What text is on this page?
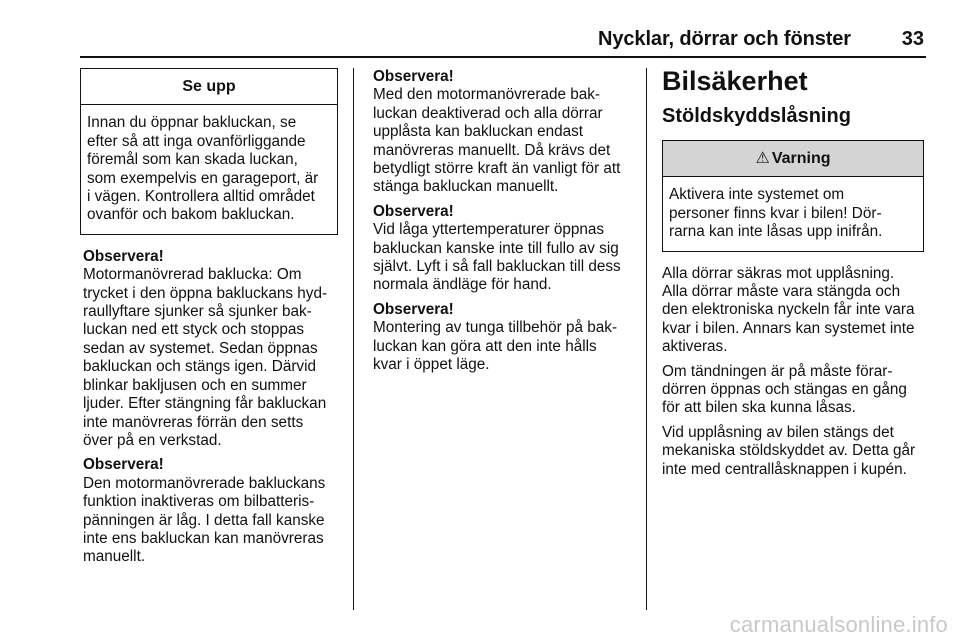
Nycklar, dörrar och fönster	33
Se upp
Innan du öppnar bakluckan, se
efter så att inga ovanförliggande
föremål som kan skada luckan,
som exempelvis en garageport, är
i vägen. Kontrollera alltid området
ovanför och bakom bakluckan.
Observera!
Motormanövrerad baklucka: Om
trycket i den öppna bakluckans hyd-
raullyftare sjunker så sjunker bak-
luckan ned ett styck och stoppas
sedan av systemet. Sedan öppnas
bakluckan och stängs igen. Därvid
blinkar bakljusen och en summer
ljuder. Efter stängning får bakluckan
inte manövreras förrän den setts
över på en verkstad.
Observera!
Den motormanövrerade bakluckans
funktion inaktiveras om bilbatteris-
pänningen är låg. I detta fall kanske
inte ens bakluckan kan manövreras
manuellt.
Observera!
Med den motormanövrerade bak-
luckan deaktiverad och alla dörrar
upplåsta kan bakluckan endast
manövreras manuellt. Då krävs det
betydligt större kraft än vanligt för att
stänga bakluckan manuellt.
Observera!
Vid låga yttertemperaturer öppnas
bakluckan kanske inte till fullo av sig
självt. Lyft i så fall bakluckan till dess
normala ändläge för hand.
Observera!
Montering av tunga tillbehör på bak-
luckan kan göra att den inte hålls
kvar i öppet läge.
Bilsäkerhet
Stöldskyddslåsning
⚠ Varning
Aktivera inte systemet om
personer finns kvar i bilen! Dör-
rarna kan inte låsas upp inifrån.
Alla dörrar säkras mot upplåsning.
Alla dörrar måste vara stängda och
den elektroniska nyckeln får inte vara
kvar i bilen. Annars kan systemet inte
aktiveras.
Om tändningen är på måste förar-
dörren öppnas och stängas en gång
för att bilen ska kunna låsas.
Vid upplåsning av bilen stängs det
mekaniska stöldskyddet av. Detta går
inte med centrallåsknappen i kupén.
carmanualsonline.info
